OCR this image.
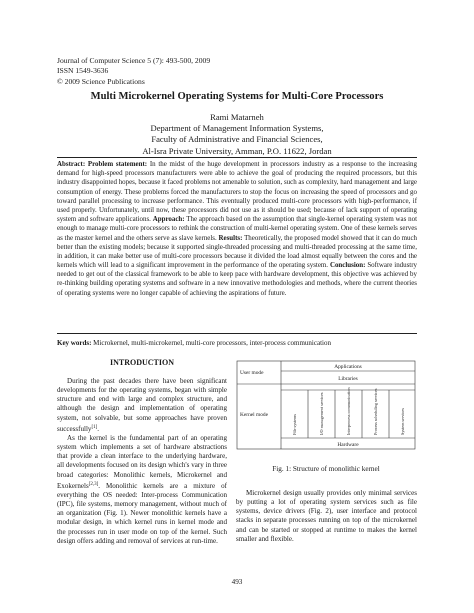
Journal of Computer Science 5 (7): 493-500, 2009
ISSN 1549-3636
© 2009 Science Publications
Multi Microkernel Operating Systems for Multi-Core Processors
Rami Matarneh
Department of Management Information Systems,
Faculty of Administrative and Financial Sciences,
Al-Isra Private University, Amman, P.O. 11622, Jordan

Abstract: Problem statement: In the midst of the huge development in processors industry as a response to the increasing demand for high-speed processors manufacturers were able to achieve the goal of producing the required processors, but this industry disappointed hopes, because it faced problems not amenable to solution, such as complexity, hard management and large consumption of energy. These problems forced the manufacturers to stop the focus on increasing the speed of processors and go toward parallel processing to increase performance. This eventually produced multi-core processors with high-performance, if used properly. Unfortunately, until now, these processors did not use as it should be used; because of lack support of operating system and software applications. Approach: The approach based on the assumption that single-kernel operating system was not enough to manage multi-core processors to rethink the construction of multi-kernel operating system. One of these kernels serves as the master kernel and the others serve as slave kernels. Results: Theoretically, the proposed model showed that it can do much better than the existing models; because it supported single-threaded processing and multi-threaded processing at the same time, in addition, it can make better use of multi-core processors because it divided the load almost equally between the cores and the kernels which will lead to a significant improvement in the performance of the operating system. Conclusion: Software industry needed to get out of the classical framework to be able to keep pace with hardware development, this objective was achieved by re-thinking building operating systems and software in a new innovative methodologies and methods, where the current theories of operating systems were no longer capable of achieving the aspirations of future.

Key words: Microkernel, multi-microkernel, multi-core processors, inter-process communication
INTRODUCTION

During the past decades there have been significant developments for the operating systems, began with simple structure and end with large and complex structure, and although the design and implementation of operating system, not solvable, but some approaches have proven successfully[1].

As the kernel is the fundamental part of an operating system which implements a set of hardware abstractions that provide a clean interface to the underlying hardware, all developments focused on its design which's vary in three broad categories: Monolithic kernels, Microkernel and Exokernels[2,3]. Monolithic kernels are a mixture of everything the OS needed: Inter-process Communication (IPC), file systems, memory management, without much of an organization (Fig. 1). Newer monolithic kernels have a modular design, in which kernel runs in kernel mode and the processes run in user mode on top of the kernel. Such design offers adding and removal of services at run-time.

User mode
Kernel mode
Applications
Libraries
Hardware
File systems	I/O management services	Interprocess communication	Process scheduling services	System services
Fig. 1: Structure of monolithic kernel

Microkernel design usually provides only minimal services by putting a lot of operating system services such as file systems, device drivers (Fig. 2), user interface and protocol stacks in separate processes running on top of the microkernel and can be started or stopped at runtime to makes the kernel smaller and flexible.

493
